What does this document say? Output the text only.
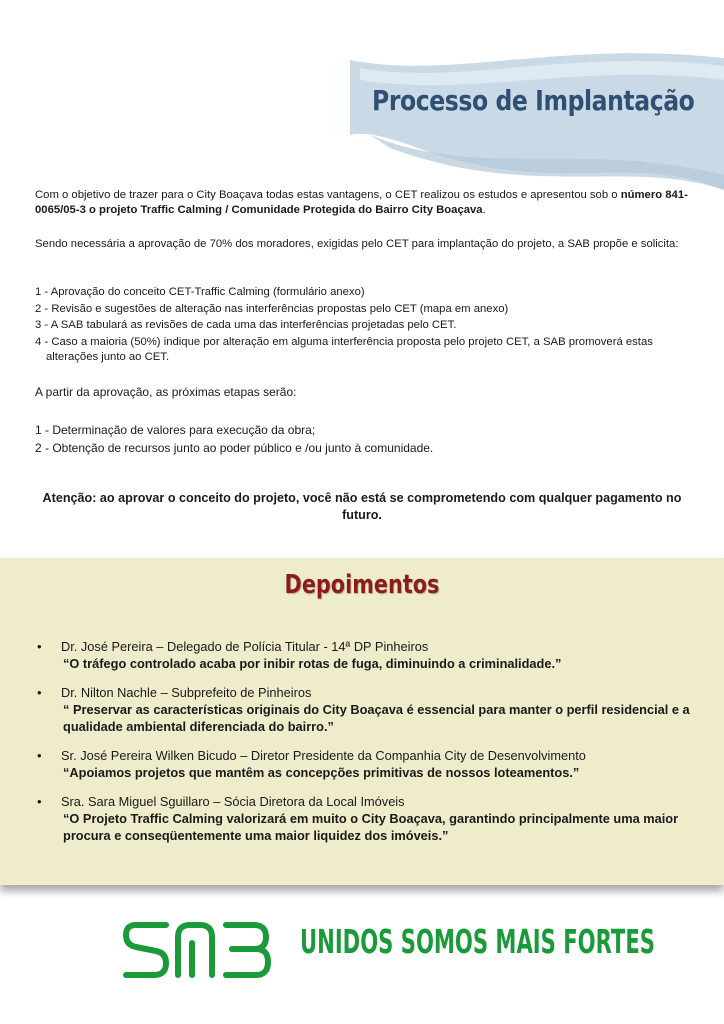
Processo de Implantação
Com o objetivo de trazer para o City Boaçava todas estas vantagens, o CET realizou os estudos e apresentou sob o número 841-0065/05-3 o projeto Traffic Calming / Comunidade Protegida do Bairro City Boaçava.
Sendo necessária a aprovação de 70% dos moradores, exigidas pelo CET para implantação do projeto, a SAB propõe e solicita:
1 - Aprovação do conceito CET-Traffic Calming (formulário anexo)
2 - Revisão e sugestões de alteração nas interferências propostas pelo CET (mapa em anexo)
3 - A SAB tabulará as revisões de cada uma das interferências projetadas pelo CET.
4 - Caso a maioria (50%) indique por alteração em alguma interferência proposta pelo projeto CET, a SAB promoverá estas alterações junto ao CET.
A partir da aprovação, as próximas etapas serão:
1 - Determinação de valores para execução da obra;
2 - Obtenção de recursos junto ao poder público e /ou junto à comunidade.
Atenção: ao aprovar o conceito do projeto, você não está se comprometendo com qualquer pagamento no futuro.
Depoimentos
• Dr. José Pereira – Delegado de Polícia Titular - 14ª DP Pinheiros
“O tráfego controlado acaba por inibir rotas de fuga, diminuindo a criminalidade.”
• Dr. Nilton Nachle – Subprefeito de Pinheiros
“ Preservar as características originais do City Boaçava é essencial para manter o perfil residencial e a qualidade ambiental diferenciada do bairro.”
• Sr. José Pereira Wilken Bicudo – Diretor Presidente da Companhia City de Desenvolvimento
“Apoiamos projetos que mantêm as concepções primitivas de nossos loteamentos.”
• Sra. Sara Miguel Sguillaro – Sócia Diretora da Local Imóveis
“O Projeto Traffic Calming valorizará em muito o City Boaçava, garantindo principalmente uma maior procura e conseqüentemente uma maior liquidez dos imóveis.”
UNIDOS SOMOS MAIS FORTES
